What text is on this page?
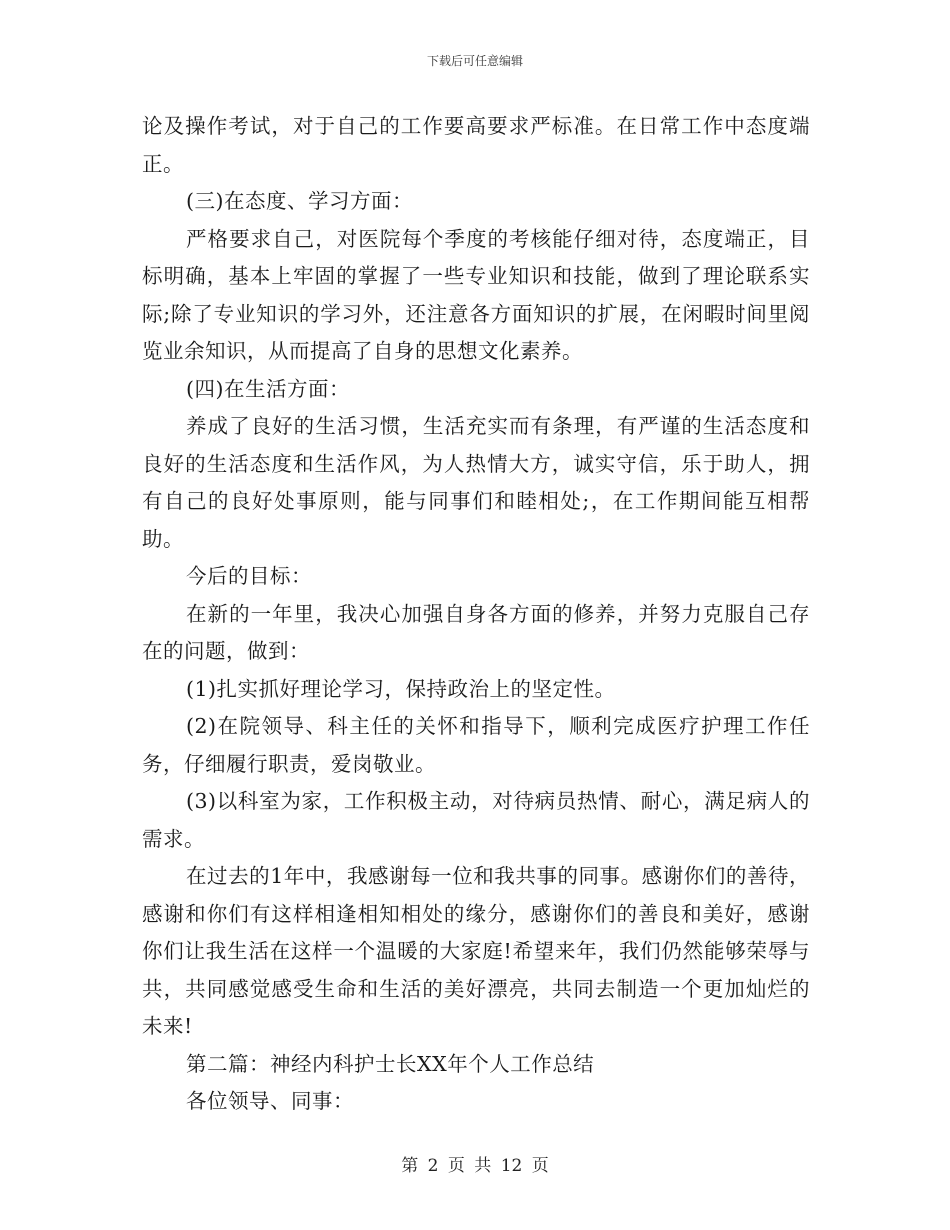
下载后可任意编辑

论及操作考试，对于自己的工作要高要求严标准。在日常工作中态度端正。

(三)在态度、学习方面：

严格要求自己，对医院每个季度的考核能仔细对待，态度端正，目标明确，基本上牢固的掌握了一些专业知识和技能，做到了理论联系实际;除了专业知识的学习外，还注意各方面知识的扩展，在闲暇时间里阅览业余知识，从而提高了自身的思想文化素养。

(四)在生活方面：

养成了良好的生活习惯，生活充实而有条理，有严谨的生活态度和良好的生活态度和生活作风，为人热情大方，诚实守信，乐于助人，拥有自己的良好处事原则，能与同事们和睦相处;，在工作期间能互相帮助。

今后的目标：

在新的一年里，我决心加强自身各方面的修养，并努力克服自己存在的问题，做到：

(1)扎实抓好理论学习，保持政治上的坚定性。

(2)在院领导、科主任的关怀和指导下，顺利完成医疗护理工作任务，仔细履行职责，爱岗敬业。

(3)以科室为家，工作积极主动，对待病员热情、耐心，满足病人的需求。

在过去的1年中，我感谢每一位和我共事的同事。感谢你们的善待，感谢和你们有这样相逢相知相处的缘分，感谢你们的善良和美好，感谢你们让我生活在这样一个温暖的大家庭!希望来年，我们仍然能够荣辱与共，共同感觉感受生命和生活的美好漂亮，共同去制造一个更加灿烂的未来!

第二篇：神经内科护士长XX年个人工作总结

各位领导、同事：

第 2 页 共 12 页
